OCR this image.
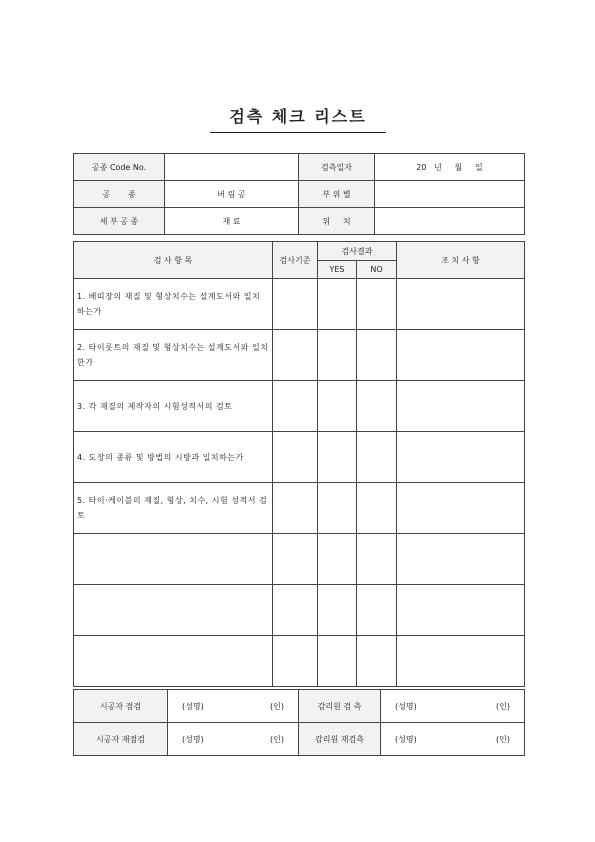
검측 체크 리스트
공종 Code No.		검측일자	20   년     월     일
공       종	버 림 공	부 위 별	
세 부 공 종	재 료	위     치	
검 사 항 목	검사기준	검사결과		조 치 사 항
		YES	NO	
1. 배띠장의 재질 및 형상치수는 설계도서와 일치 하는가				
2. 타이롯트의 재질 및 형상치수는 설계도서와 일치한가				
3. 각 재질의 제작자의 시험성적서의 검토				
4. 도장의 종류 및 방법의 시방과 일치하는가				
5. 타이·케이블의 재질, 형상, 치수, 시험 성적서 검토				

시공자 점검	(성명) (인)	감리원 검 측	(성명) (인)

시공자 재점검	(성명) (인)	감리원 재검측	(성명) (인)
